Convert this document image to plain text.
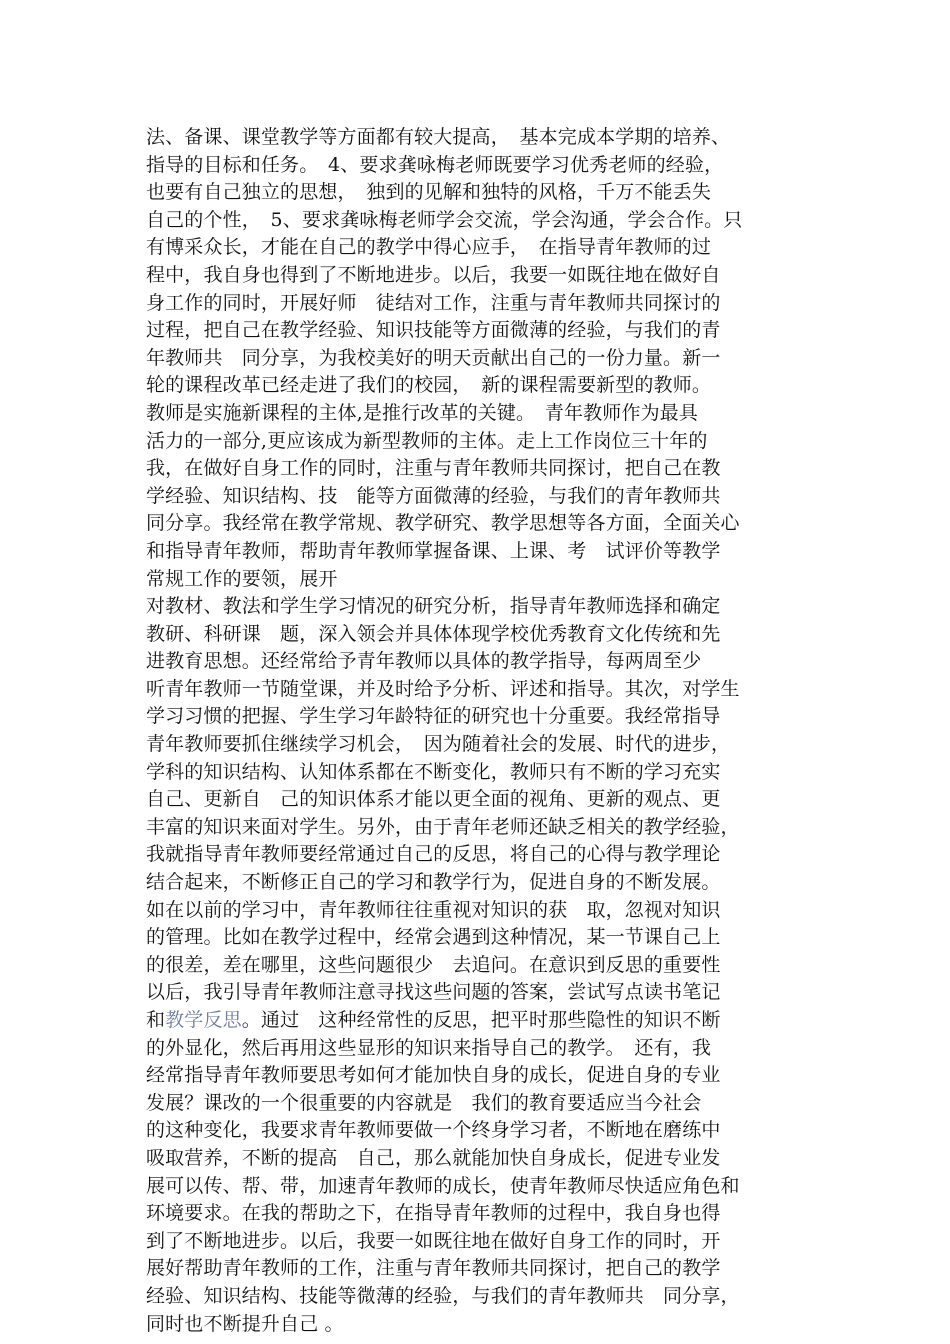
法、备课、课堂教学等方面都有较大提高，　基本完成本学期的培养、
指导的目标和任务。　4、要求龚咏梅老师既要学习优秀老师的经验，
也要有自己独立的思想，　独到的见解和独特的风格，千万不能丢失
自己的个性，　5、要求龚咏梅老师学会交流，学会沟通，学会合作。只
有博采众长，才能在自己的教学中得心应手，　在指导青年教师的过
程中，我自身也得到了不断地进步。以后，我要一如既往地在做好自
身工作的同时，开展好师　徒结对工作，注重与青年教师共同探讨的
过程，把自己在教学经验、知识技能等方面微薄的经验，与我们的青
年教师共　同分享，为我校美好的明天贡献出自己的一份力量。新一
轮的课程改革已经走进了我们的校园，　新的课程需要新型的教师。
教师是实施新课程的主体,是推行改革的关键。　青年教师作为最具
活力的一部分,更应该成为新型教师的主体。走上工作岗位三十年的
我，在做好自身工作的同时，注重与青年教师共同探讨，把自己在教
学经验、知识结构、技　能等方面微薄的经验，与我们的青年教师共
同分享。我经常在教学常规、教学研究、教学思想等各方面，全面关心
和指导青年教师，帮助青年教师掌握备课、上课、考　试评价等教学
常规工作的要领，展开
对教材、教法和学生学习情况的研究分析，指导青年教师选择和确定
教研、科研课　题，深入领会并具体体现学校优秀教育文化传统和先
进教育思想。还经常给予青年教师以具体的教学指导，每两周至少
听青年教师一节随堂课，并及时给予分析、评述和指导。其次，对学生
学习习惯的把握、学生学习年龄特征的研究也十分重要。我经常指导
青年教师要抓住继续学习机会，　因为随着社会的发展、时代的进步，
学科的知识结构、认知体系都在不断变化，教师只有不断的学习充实
自己、更新自　己的知识体系才能以更全面的视角、更新的观点、更
丰富的知识来面对学生。另外，由于青年老师还缺乏相关的教学经验，
我就指导青年教师要经常通过自己的反思，将自己的心得与教学理论
结合起来，不断修正自己的学习和教学行为，促进自身的不断发展。
如在以前的学习中，青年教师往往重视对知识的获　取，忽视对知识
的管理。比如在教学过程中，经常会遇到这种情况，某一节课自己上
的很差，差在哪里，这些问题很少　去追问。在意识到反思的重要性
以后，我引导青年教师注意寻找这些问题的答案，尝试写点读书笔记
和教学反思。通过　这种经常性的反思，把平时那些隐性的知识不断
的外显化，然后再用这些显形的知识来指导自己的教学。　还有，我
经常指导青年教师要思考如何才能加快自身的成长，促进自身的专业
发展？课改的一个很重要的内容就是　我们的教育要适应当今社会
的这种变化，我要求青年教师要做一个终身学习者，不断地在磨练中
吸取营养，不断的提高　自己，那么就能加快自身成长，促进专业发
展可以传、帮、带，加速青年教师的成长，使青年教师尽快适应角色和
环境要求。在我的帮助之下，在指导青年教师的过程中，我自身也得
到了不断地进步。以后，我要一如既往地在做好自身工作的同时，开
展好帮助青年教师的工作，注重与青年教师共同探讨，把自己的教学
经验、知识结构、技能等微薄的经验，与我们的青年教师共　同分享，
同时也不断提升自己 。
